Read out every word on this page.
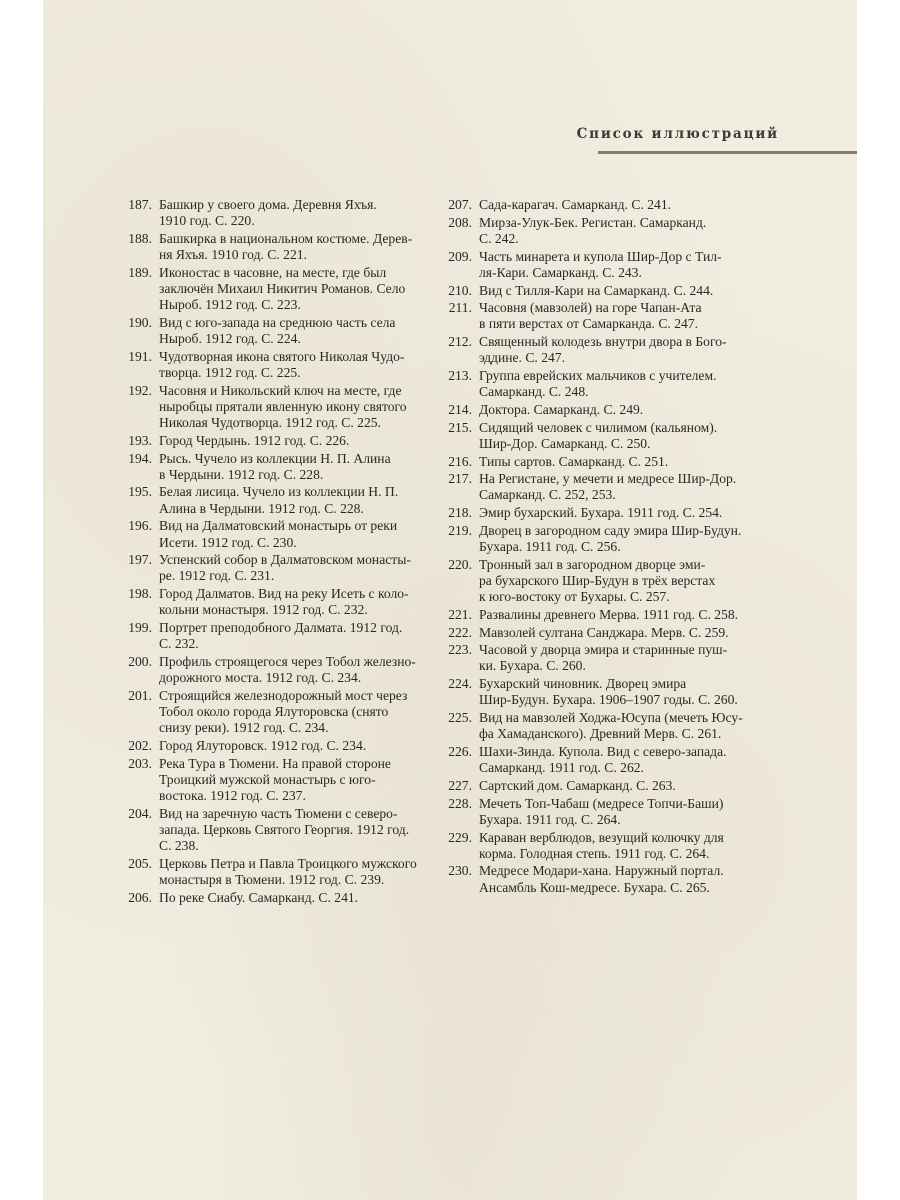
Список иллюстраций
187. Башкир у своего дома. Деревня Яхъя.
1910 год. С. 220.
188. Башкирка в национальном костюме. Дерев-
ня Яхъя. 1910 год. С. 221.
189. Иконостас в часовне, на месте, где был
заключён Михаил Никитич Романов. Село
Ныроб. 1912 год. С. 223.
190. Вид с юго-запада на среднюю часть села
Ныроб. 1912 год. С. 224.
191. Чудотворная икона святого Николая Чудо-
творца. 1912 год. С. 225.
192. Часовня и Никольский ключ на месте, где
ныробцы прятали явленную икону святого
Николая Чудотворца. 1912 год. С. 225.
193. Город Чердынь. 1912 год. С. 226.
194. Рысь. Чучело из коллекции Н. П. Алина
в Чердыни. 1912 год. С. 228.
195. Белая лисица. Чучело из коллекции Н. П.
Алина в Чердыни. 1912 год. С. 228.
196. Вид на Далматовский монастырь от реки
Исети. 1912 год. С. 230.
197. Успенский собор в Далматовском монасты-
ре. 1912 год. С. 231.
198. Город Далматов. Вид на реку Исеть с коло-
кольни монастыря. 1912 год. С. 232.
199. Портрет преподобного Далмата. 1912 год.
С. 232.
200. Профиль строящегося через Тобол железно-
дорожного моста. 1912 год. С. 234.
201. Строящийся железнодорожный мост через
Тобол около города Ялуторовска (снято
снизу реки). 1912 год. С. 234.
202. Город Ялуторовск. 1912 год. С. 234.
203. Река Тура в Тюмени. На правой стороне
Троицкий мужской монастырь с юго-
востока. 1912 год. С. 237.
204. Вид на заречную часть Тюмени с северо-
запада. Церковь Святого Георгия. 1912 год.
С. 238.
205. Церковь Петра и Павла Троицкого мужского
монастыря в Тюмени. 1912 год. С. 239.
206. По реке Сиабу. Самарканд. С. 241.
207. Сада-карагач. Самарканд. С. 241.
208. Мирза-Улук-Бек. Регистан. Самарканд.
С. 242.
209. Часть минарета и купола Шир-Дор с Тил-
ля-Кари. Самарканд. С. 243.
210. Вид с Тилля-Кари на Самарканд. С. 244.
211. Часовня (мавзолей) на горе Чапан-Ата
в пяти верстах от Самарканда. С. 247.
212. Священный колодезь внутри двора в Бого-
эддине. С. 247.
213. Группа еврейских мальчиков с учителем.
Самарканд. С. 248.
214. Доктора. Самарканд. С. 249.
215. Сидящий человек с чилимом (кальяном).
Шир-Дор. Самарканд. С. 250.
216. Типы сартов. Самарканд. С. 251.
217. На Регистане, у мечети и медресе Шир-Дор.
Самарканд. С. 252, 253.
218. Эмир бухарский. Бухара. 1911 год. С. 254.
219. Дворец в загородном саду эмира Шир-Будун.
Бухара. 1911 год. С. 256.
220. Тронный зал в загородном дворце эми-
ра бухарского Шир-Будун в трёх верстах
к юго-востоку от Бухары. С. 257.
221. Развалины древнего Мерва. 1911 год. С. 258.
222. Мавзолей султана Санджара. Мерв. С. 259.
223. Часовой у дворца эмира и старинные пуш-
ки. Бухара. С. 260.
224. Бухарский чиновник. Дворец эмира
Шир-Будун. Бухара. 1906–1907 годы. С. 260.
225. Вид на мавзолей Ходжа-Юсупа (мечеть Юсу-
фа Хамаданского). Древний Мерв. С. 261.
226. Шахи-Зинда. Купола. Вид с северо-запада.
Самарканд. 1911 год. С. 262.
227. Сартский дом. Самарканд. С. 263.
228. Мечеть Топ-Чабаш (медресе Топчи-Баши)
Бухара. 1911 год. С. 264.
229. Караван верблюдов, везущий колючку для
корма. Голодная степь. 1911 год. С. 264.
230. Медресе Модари-хана. Наружный портал.
Ансамбль Кош-медресе. Бухара. С. 265.
